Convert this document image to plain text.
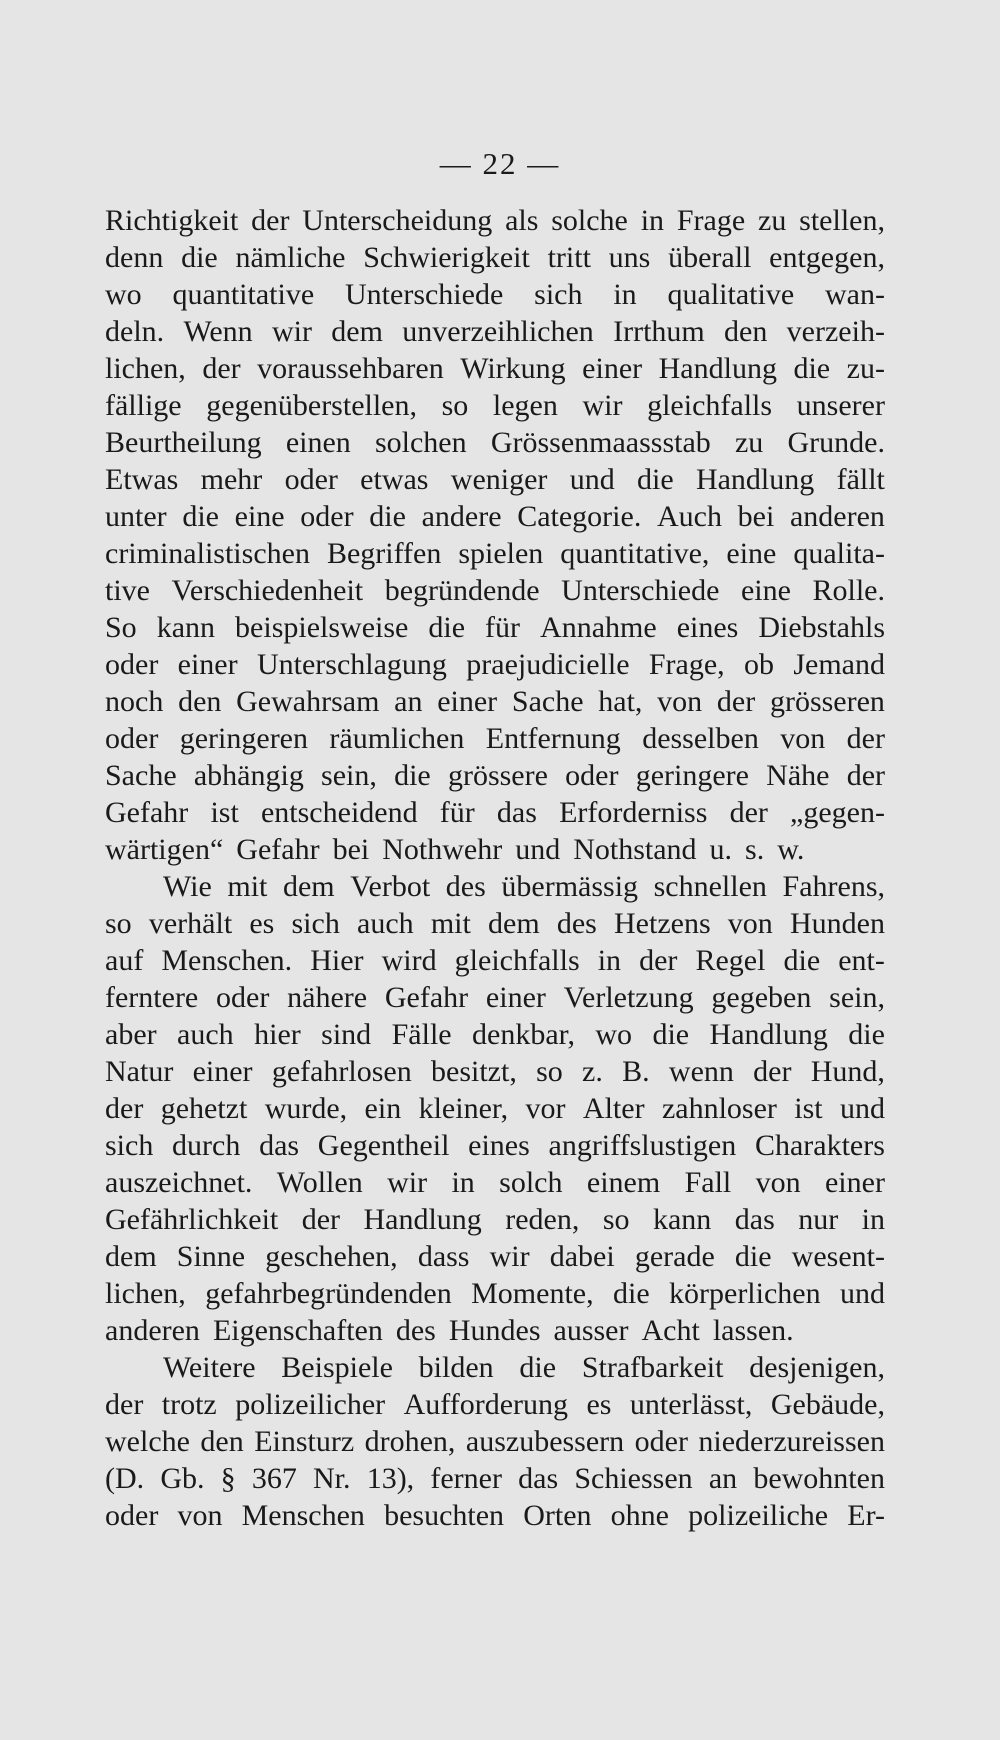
— 22 —
Richtigkeit der Unterscheidung als solche in Frage zu stellen,
denn die nämliche Schwierigkeit tritt uns überall entgegen,
wo quantitative Unterschiede sich in qualitative wan-
deln. Wenn wir dem unverzeihlichen Irrthum den verzeih-
lichen, der voraussehbaren Wirkung einer Handlung die zu-
fällige gegenüberstellen, so legen wir gleichfalls unserer
Beurtheilung einen solchen Grössenmaassstab zu Grunde.
Etwas mehr oder etwas weniger und die Handlung fällt
unter die eine oder die andere Categorie. Auch bei anderen
criminalistischen Begriffen spielen quantitative, eine qualita-
tive Verschiedenheit begründende Unterschiede eine Rolle.
So kann beispielsweise die für Annahme eines Diebstahls
oder einer Unterschlagung praejudicielle Frage, ob Jemand
noch den Gewahrsam an einer Sache hat, von der grösseren
oder geringeren räumlichen Entfernung desselben von der
Sache abhängig sein, die grössere oder geringere Nähe der
Gefahr ist entscheidend für das Erforderniss der „gegen-
wärtigen“ Gefahr bei Nothwehr und Nothstand u. s. w.
Wie mit dem Verbot des übermässig schnellen Fahrens,
so verhält es sich auch mit dem des Hetzens von Hunden
auf Menschen. Hier wird gleichfalls in der Regel die ent-
ferntere oder nähere Gefahr einer Verletzung gegeben sein,
aber auch hier sind Fälle denkbar, wo die Handlung die
Natur einer gefahrlosen besitzt, so z. B. wenn der Hund,
der gehetzt wurde, ein kleiner, vor Alter zahnloser ist und
sich durch das Gegentheil eines angriffslustigen Charakters
auszeichnet. Wollen wir in solch einem Fall von einer
Gefährlichkeit der Handlung reden, so kann das nur in
dem Sinne geschehen, dass wir dabei gerade die wesent-
lichen, gefahrbegründenden Momente, die körperlichen und
anderen Eigenschaften des Hundes ausser Acht lassen.
Weitere Beispiele bilden die Strafbarkeit desjenigen,
der trotz polizeilicher Aufforderung es unterlässt, Gebäude,
welche den Einsturz drohen, auszubessern oder niederzureissen
(D. Gb. § 367 Nr. 13), ferner das Schiessen an bewohnten
oder von Menschen besuchten Orten ohne polizeiliche Er-
